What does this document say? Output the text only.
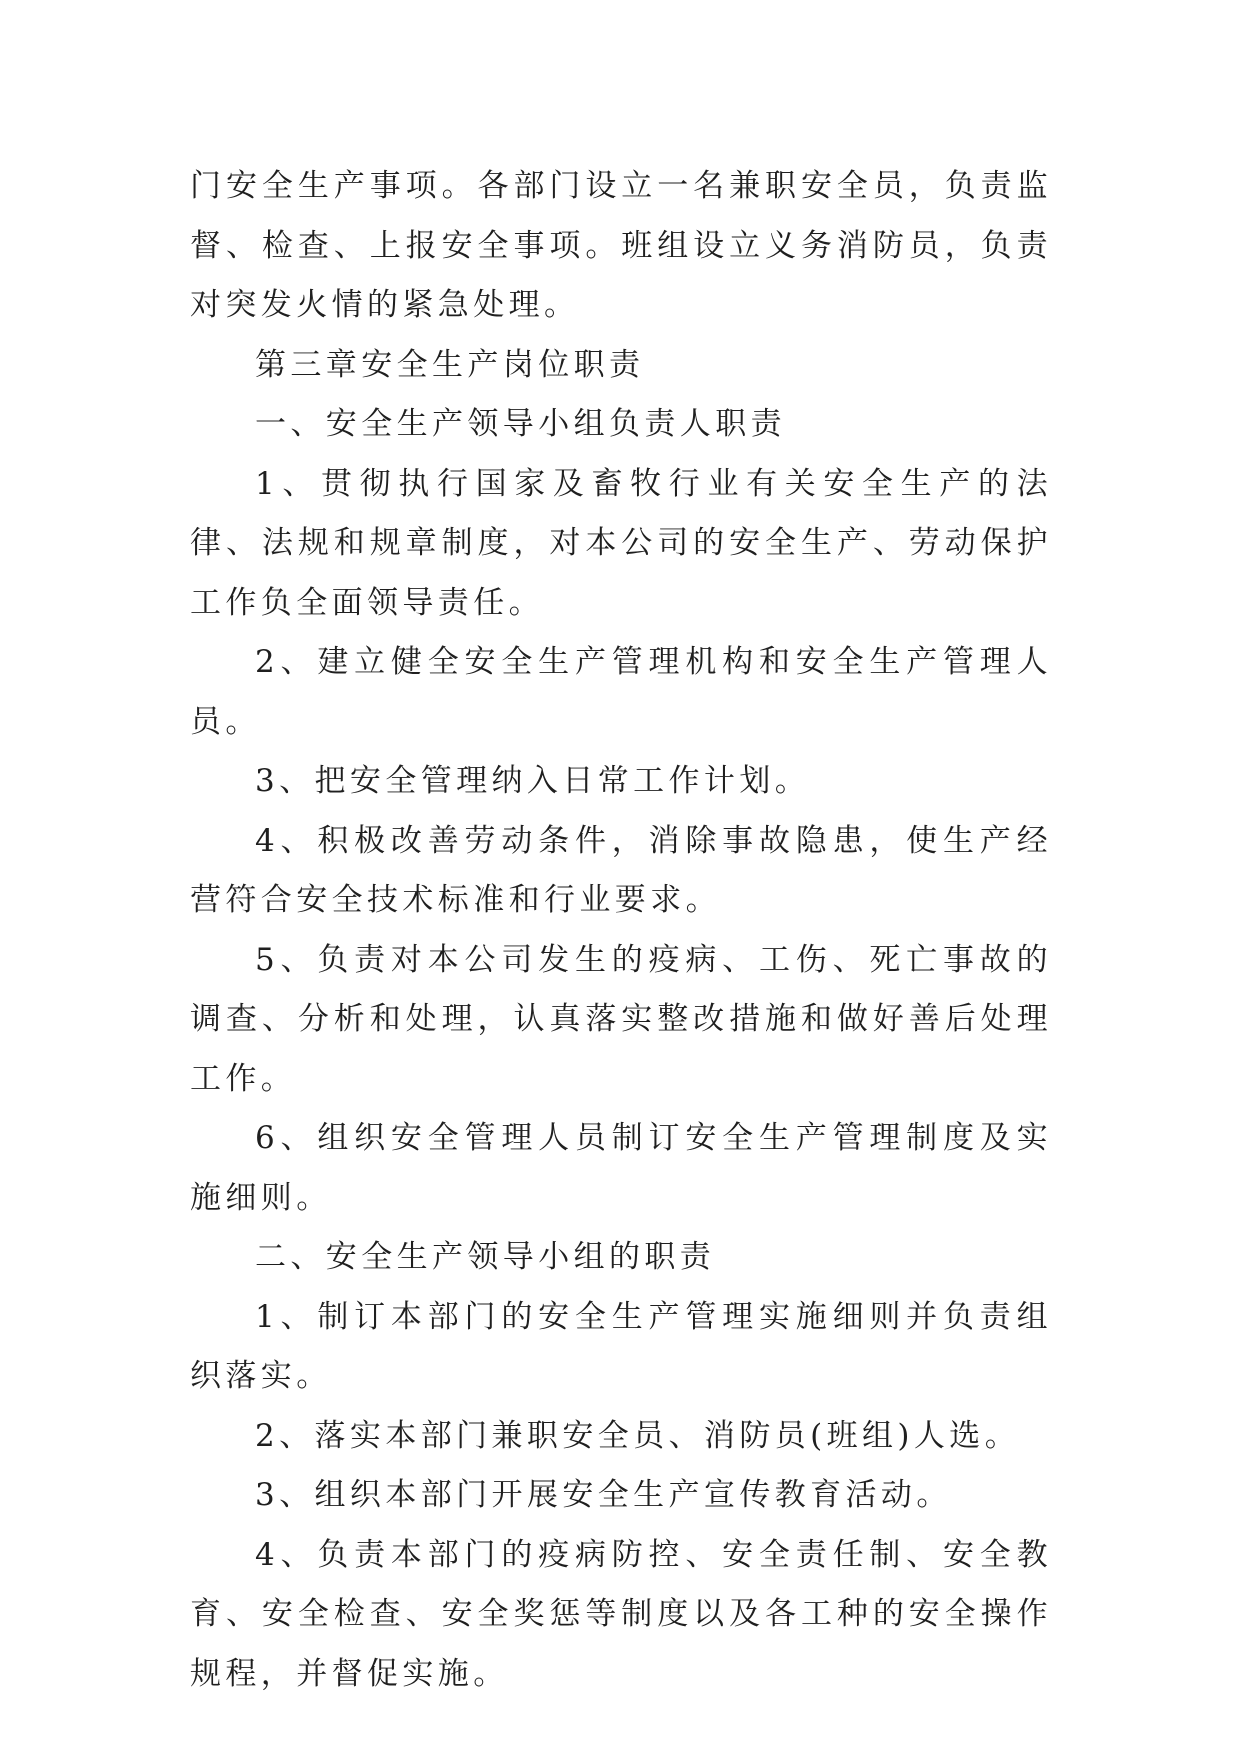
门安全生产事项。各部门设立一名兼职安全员，负责监督、检查、上报安全事项。班组设立义务消防员，负责对突发火情的紧急处理。

第三章安全生产岗位职责

一、安全生产领导小组负责人职责

1、贯彻执行国家及畜牧行业有关安全生产的法律、法规和规章制度，对本公司的安全生产、劳动保护工作负全面领导责任。

2、建立健全安全生产管理机构和安全生产管理人员。

3、把安全管理纳入日常工作计划。

4、积极改善劳动条件，消除事故隐患，使生产经营符合安全技术标准和行业要求。

5、负责对本公司发生的疫病、工伤、死亡事故的调查、分析和处理，认真落实整改措施和做好善后处理工作。

6、组织安全管理人员制订安全生产管理制度及实施细则。

二、安全生产领导小组的职责

1、制订本部门的安全生产管理实施细则并负责组织落实。

2、落实本部门兼职安全员、消防员(班组)人选。

3、组织本部门开展安全生产宣传教育活动。

4、负责本部门的疫病防控、安全责任制、安全教育、安全检查、安全奖惩等制度以及各工种的安全操作规程，并督促实施。
